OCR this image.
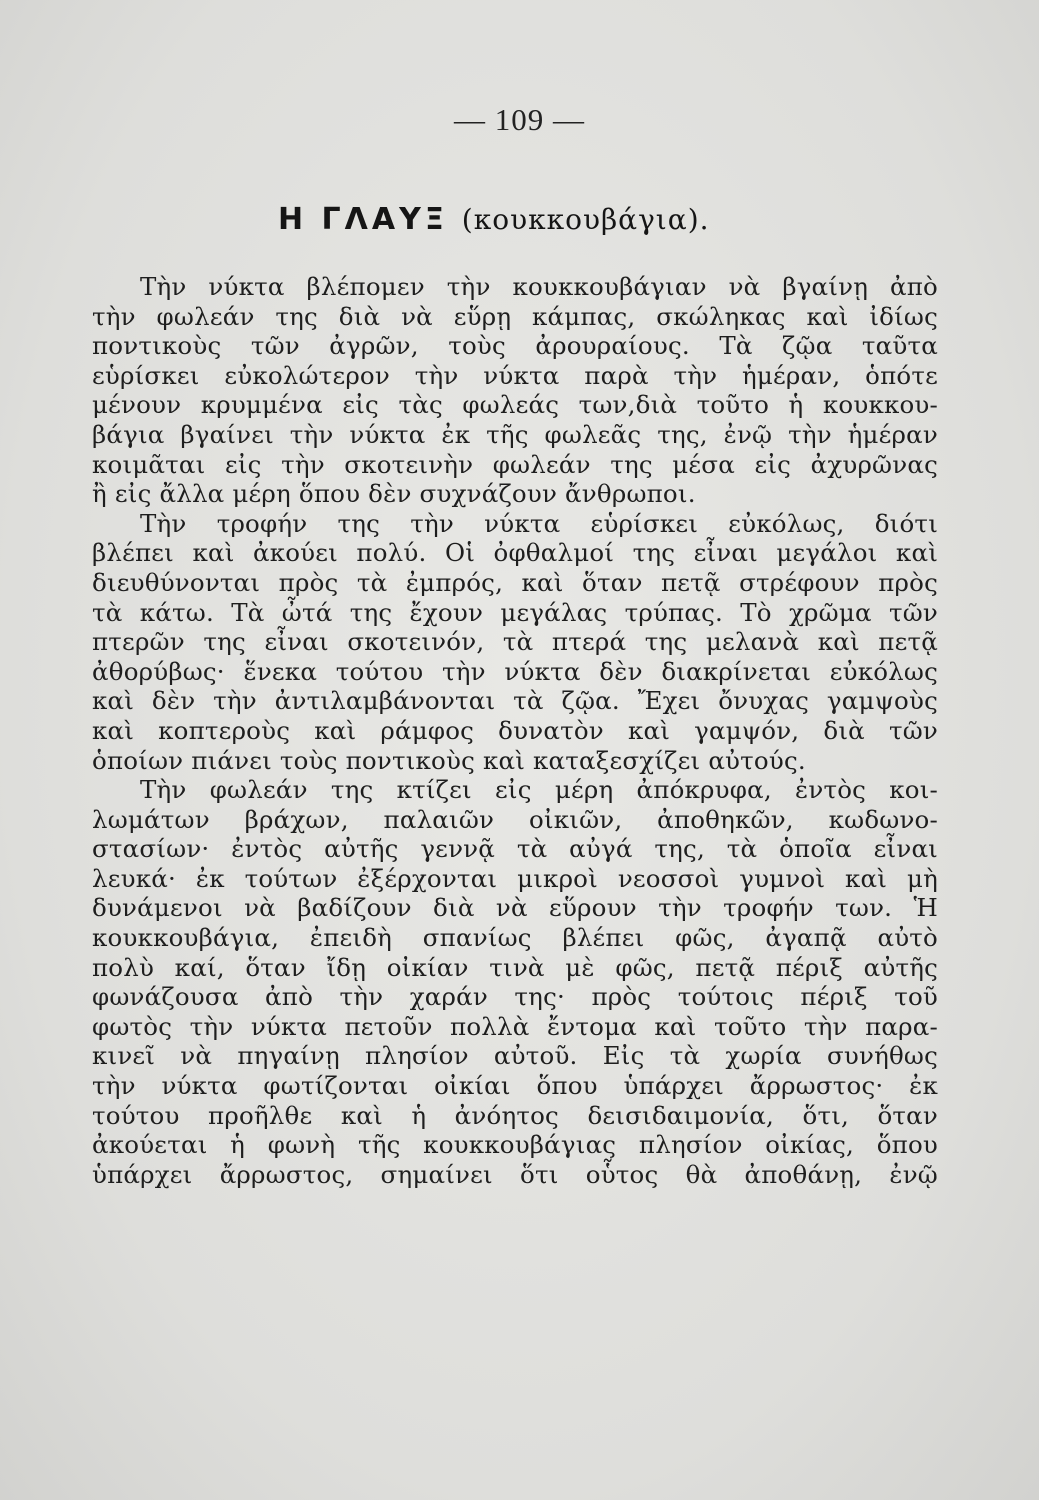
— 109 —
Η ΓΛΑΥΞ (κουκκουβάγια).
Τὴν νύκτα βλέπομεν τὴν κουκκουβάγιαν νὰ βγαίνῃ ἀπὸ
τὴν φωλεάν της διὰ νὰ εὕρῃ κάμπας, σκώληκας καὶ ἰδίως
ποντικοὺς τῶν ἀγρῶν, τοὺς ἀρουραίους. Τὰ ζῷα ταῦτα
εὑρίσκει εὐκολώτερον τὴν νύκτα παρὰ τὴν ἡμέραν, ὁπότε
μένουν κρυμμένα εἰς τὰς φωλεάς των,διὰ τοῦτο ἡ κουκκου-
βάγια βγαίνει τὴν νύκτα ἐκ τῆς φωλεᾶς της, ἐνῷ τὴν ἡμέραν
κοιμᾶται εἰς τὴν σκοτεινὴν φωλεάν της μέσα εἰς ἀχυρῶνας
ἢ εἰς ἄλλα μέρη ὅπου δὲν συχνάζουν ἄνθρωποι.
Τὴν τροφήν της τὴν νύκτα εὑρίσκει εὐκόλως, διότι
βλέπει καὶ ἀκούει πολύ. Οἱ ὀφθαλμοί της εἶναι μεγάλοι καὶ
διευθύνονται πρὸς τὰ ἐμπρός, καὶ ὅταν πετᾷ στρέφουν πρὸς
τὰ κάτω. Τὰ ὦτά της ἔχουν μεγάλας τρύπας. Τὸ χρῶμα τῶν
πτερῶν της εἶναι σκοτεινόν, τὰ πτερά της μελανὰ καὶ πετᾷ
ἀθορύβως· ἕνεκα τούτου τὴν νύκτα δὲν διακρίνεται εὐκόλως
καὶ δὲν τὴν ἀντιλαμβάνονται τὰ ζῷα. Ἔχει ὄνυχας γαμψοὺς
καὶ κοπτεροὺς καὶ ράμφος δυνατὸν καὶ γαμψόν, διὰ τῶν
ὁποίων πιάνει τοὺς ποντικοὺς καὶ καταξεσχίζει αὐτούς.
Τὴν φωλεάν της κτίζει εἰς μέρη ἀπόκρυφα, ἐντὸς κοι-
λωμάτων βράχων, παλαιῶν οἰκιῶν, ἀποθηκῶν, κωδωνο-
στασίων· ἐντὸς αὐτῆς γεννᾷ τὰ αὐγά της, τὰ ὁποῖα εἶναι
λευκά· ἐκ τούτων ἐξέρχονται μικροὶ νεοσσοὶ γυμνοὶ καὶ μὴ
δυνάμενοι νὰ βαδίζουν διὰ νὰ εὕρουν τὴν τροφήν των. Ἡ
κουκκουβάγια, ἐπειδὴ σπανίως βλέπει φῶς, ἀγαπᾷ αὐτὸ
πολὺ καί, ὅταν ἴδῃ οἰκίαν τινὰ μὲ φῶς, πετᾷ πέριξ αὐτῆς
φωνάζουσα ἀπὸ τὴν χαράν της· πρὸς τούτοις πέριξ τοῦ
φωτὸς τὴν νύκτα πετοῦν πολλὰ ἔντομα καὶ τοῦτο τὴν παρα-
κινεῖ νὰ πηγαίνῃ πλησίον αὐτοῦ. Εἰς τὰ χωρία συνήθως
τὴν νύκτα φωτίζονται οἰκίαι ὅπου ὑπάρχει ἄρρωστος· ἐκ
τούτου προῆλθε καὶ ἡ ἀνόητος δεισιδαιμονία, ὅτι, ὅταν
ἀκούεται ἡ φωνὴ τῆς κουκκουβάγιας πλησίον οἰκίας, ὅπου
ὑπάρχει ἄρρωστος, σημαίνει ὅτι οὗτος θὰ ἀποθάνῃ, ἐνῷ
